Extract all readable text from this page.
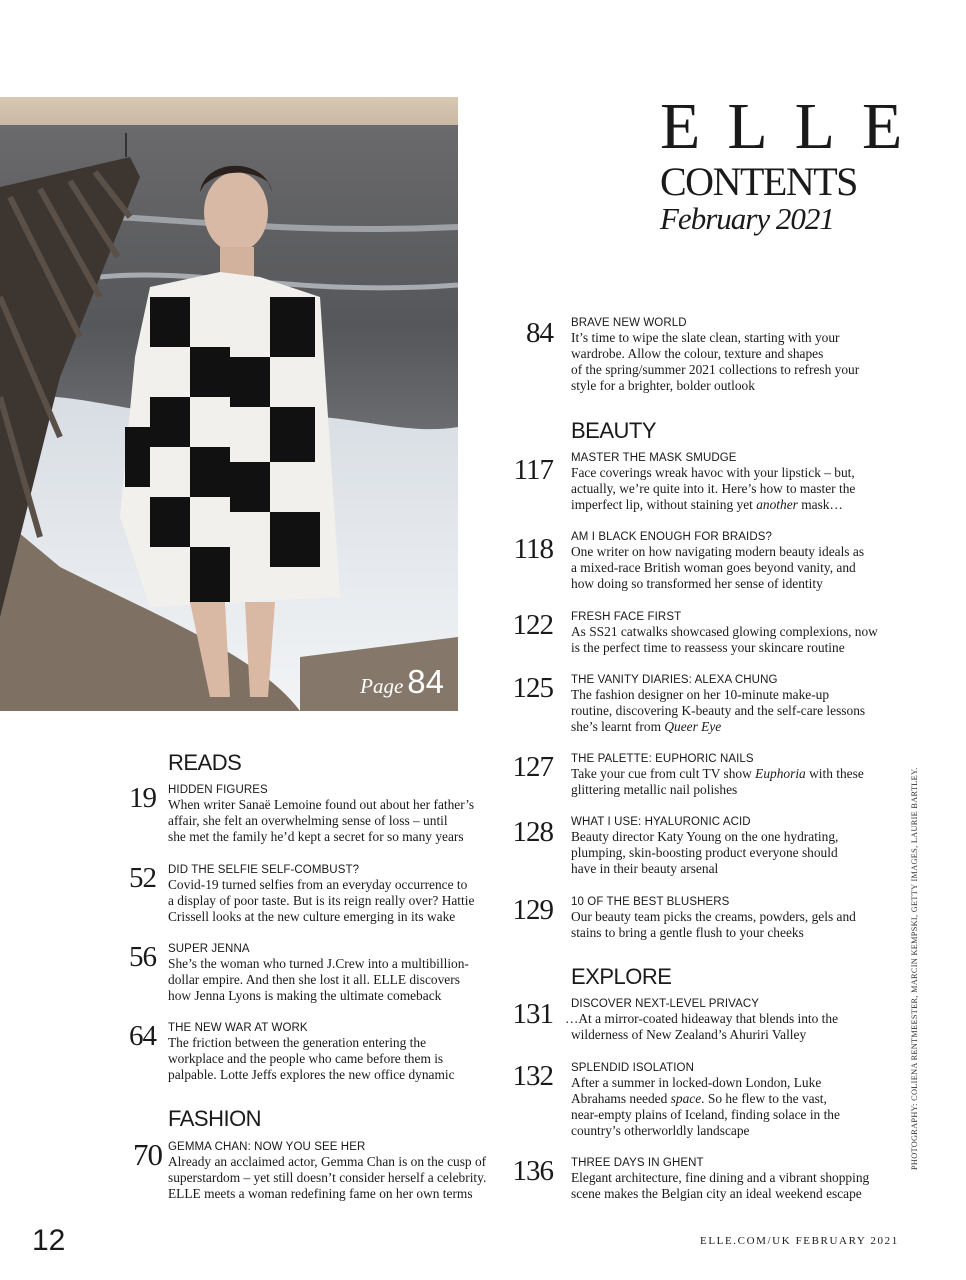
Page 84
ELLE
CONTENTS
February 2021
84 BRAVE NEW WORLD

It’s time to wipe the slate clean, starting with your

wardrobe. Allow the colour, texture and shapes

of the spring/summer 2021 collections to refresh your

style for a brighter, bolder outlook

BEAUTY
117 MASTER THE MASK SMUDGE

Face coverings wreak havoc with your lipstick – but,

actually, we’re quite into it. Here’s how to master the

imperfect lip, without staining yet another mask…

118 AM I BLACK ENOUGH FOR BRAIDS?

One writer on how navigating modern beauty ideals as

a mixed-race British woman goes beyond vanity, and

how doing so transformed her sense of identity

122 FRESH FACE FIRST

As SS21 catwalks showcased glowing complexions, now

is the perfect time to reassess your skincare routine

125 THE VANITY DIARIES: ALEXA CHUNG

The fashion designer on her 10-minute make-up

routine, discovering K-beauty and the self-care lessons

she’s learnt from Queer Eye

127 THE PALETTE: EUPHORIC NAILS

Take your cue from cult TV show Euphoria with these

glittering metallic nail polishes

128 WHAT I USE: HYALURONIC ACID

Beauty director Katy Young on the one hydrating,

plumping, skin-boosting product everyone should

have in their beauty arsenal

129 10 OF THE BEST BLUSHERS

Our beauty team picks the creams, powders, gels and

stains to bring a gentle flush to your cheeks

EXPLORE
131 DISCOVER NEXT-LEVEL PRIVACY

…At a mirror-coated hideaway that blends into the

wilderness of New Zealand’s Ahuriri Valley

132 SPLENDID ISOLATION

After a summer in locked-down London, Luke

Abrahams needed space. So he flew to the vast,

near-empty plains of Iceland, finding solace in the

country’s otherworldly landscape

136 THREE DAYS IN GHENT

Elegant architecture, fine dining and a vibrant shopping

scene makes the Belgian city an ideal weekend escape

READS
19 HIDDEN FIGURES

When writer Sanaë Lemoine found out about her father’s

affair, she felt an overwhelming sense of loss – until

she met the family he’d kept a secret for so many years

52 DID THE SELFIE SELF-COMBUST?

Covid-19 turned selfies from an everyday occurrence to

a display of poor taste. But is its reign really over? Hattie

Crissell looks at the new culture emerging in its wake

56 SUPER JENNA

She’s the woman who turned J.Crew into a multibillion-

dollar empire. And then she lost it all. ELLE discovers

how Jenna Lyons is making the ultimate comeback

64 THE NEW WAR AT WORK

The friction between the generation entering the

workplace and the people who came before them is

palpable. Lotte Jeffs explores the new office dynamic

FASHION
70 GEMMA CHAN: NOW YOU SEE HER

Already an acclaimed actor, Gemma Chan is on the cusp of

superstardom – yet still doesn’t consider herself a celebrity.

ELLE meets a woman redefining fame on her own terms

12	ELLE.COM/UK FEBRUARY 2021
PHOTOGRAPHY: COLIENA RENTMEESTER, MARCIN KEMPSKI, GETTY IMAGES, LAURIE BARTLEY.
